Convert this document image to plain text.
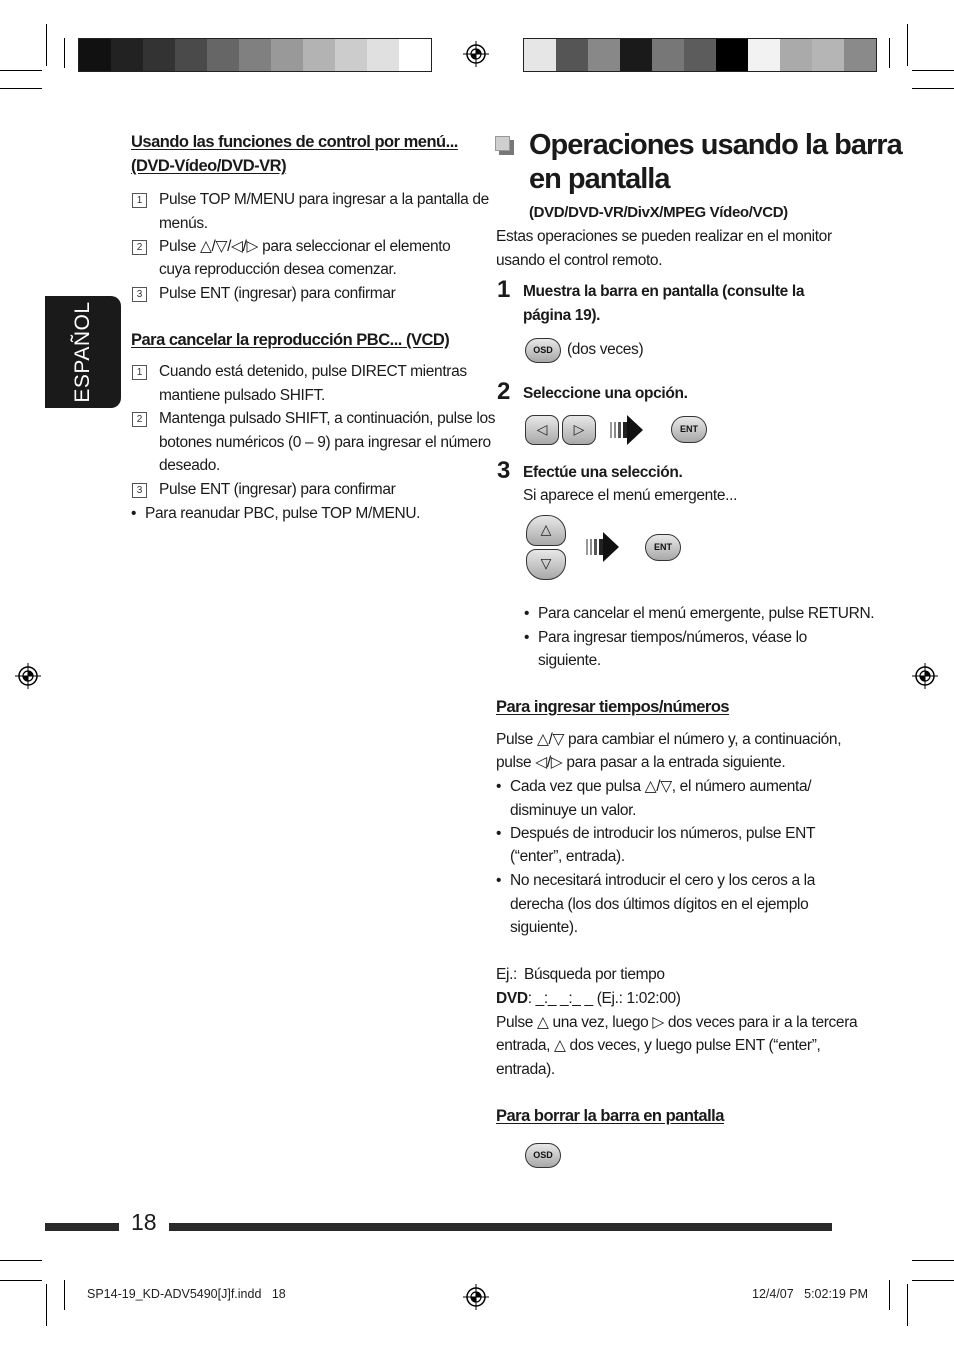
ESPAÑOL
Usando las funciones de control por menú...
(DVD-Vídeo/DVD-VR)
1	Pulse TOP M/MENU para ingresar a la pantalla de
menús.
2	Pulse △/▽/◁/▷ para seleccionar el elemento
cuya reproducción desea comenzar.
3	Pulse ENT (ingresar) para confirmar
Para cancelar la reproducción PBC... (VCD)
1	Cuando está detenido, pulse DIRECT mientras
mantiene pulsado SHIFT.
2	Mantenga pulsado SHIFT, a continuación, pulse los
botones numéricos (0 – 9) para ingresar el número
deseado.
3	Pulse ENT (ingresar) para confirmar
• Para reanudar PBC, pulse TOP M/MENU.
Operaciones usando la barra
en pantalla
(DVD/DVD-VR/DivX/MPEG Vídeo/VCD)
Estas operaciones se pueden realizar en el monitor
usando el control remoto.
1 Muestra la barra en pantalla (consulte la
página 19).
OSD (dos veces)
2 Seleccione una opción.
◁	▷	ENT
3 Efectúe una selección.
Si aparece el menú emergente...
△
▽
ENT
• Para cancelar el menú emergente, pulse RETURN.
• Para ingresar tiempos/números, véase lo
siguiente.
Para ingresar tiempos/números
Pulse △/▽ para cambiar el número y, a continuación,
pulse ◁/▷ para pasar a la entrada siguiente.
• Cada vez que pulsa △/▽, el número aumenta/
disminuye un valor.
• Después de introducir los números, pulse ENT
(“enter”, entrada).
• No necesitará introducir el cero y los ceros a la
derecha (los dos últimos dígitos en el ejemplo
siguiente).
Ej.: Búsqueda por tiempo
DVD: _:_ _:_ _ (Ej.: 1:02:00)
Pulse △ una vez, luego ▷ dos veces para ir a la tercera
entrada, △ dos veces, y luego pulse ENT (“enter”,
entrada).
Para borrar la barra en pantalla
OSD
18
SP14-19_KD-ADV5490[J]f.indd   18	12/4/07   5:02:19 PM
